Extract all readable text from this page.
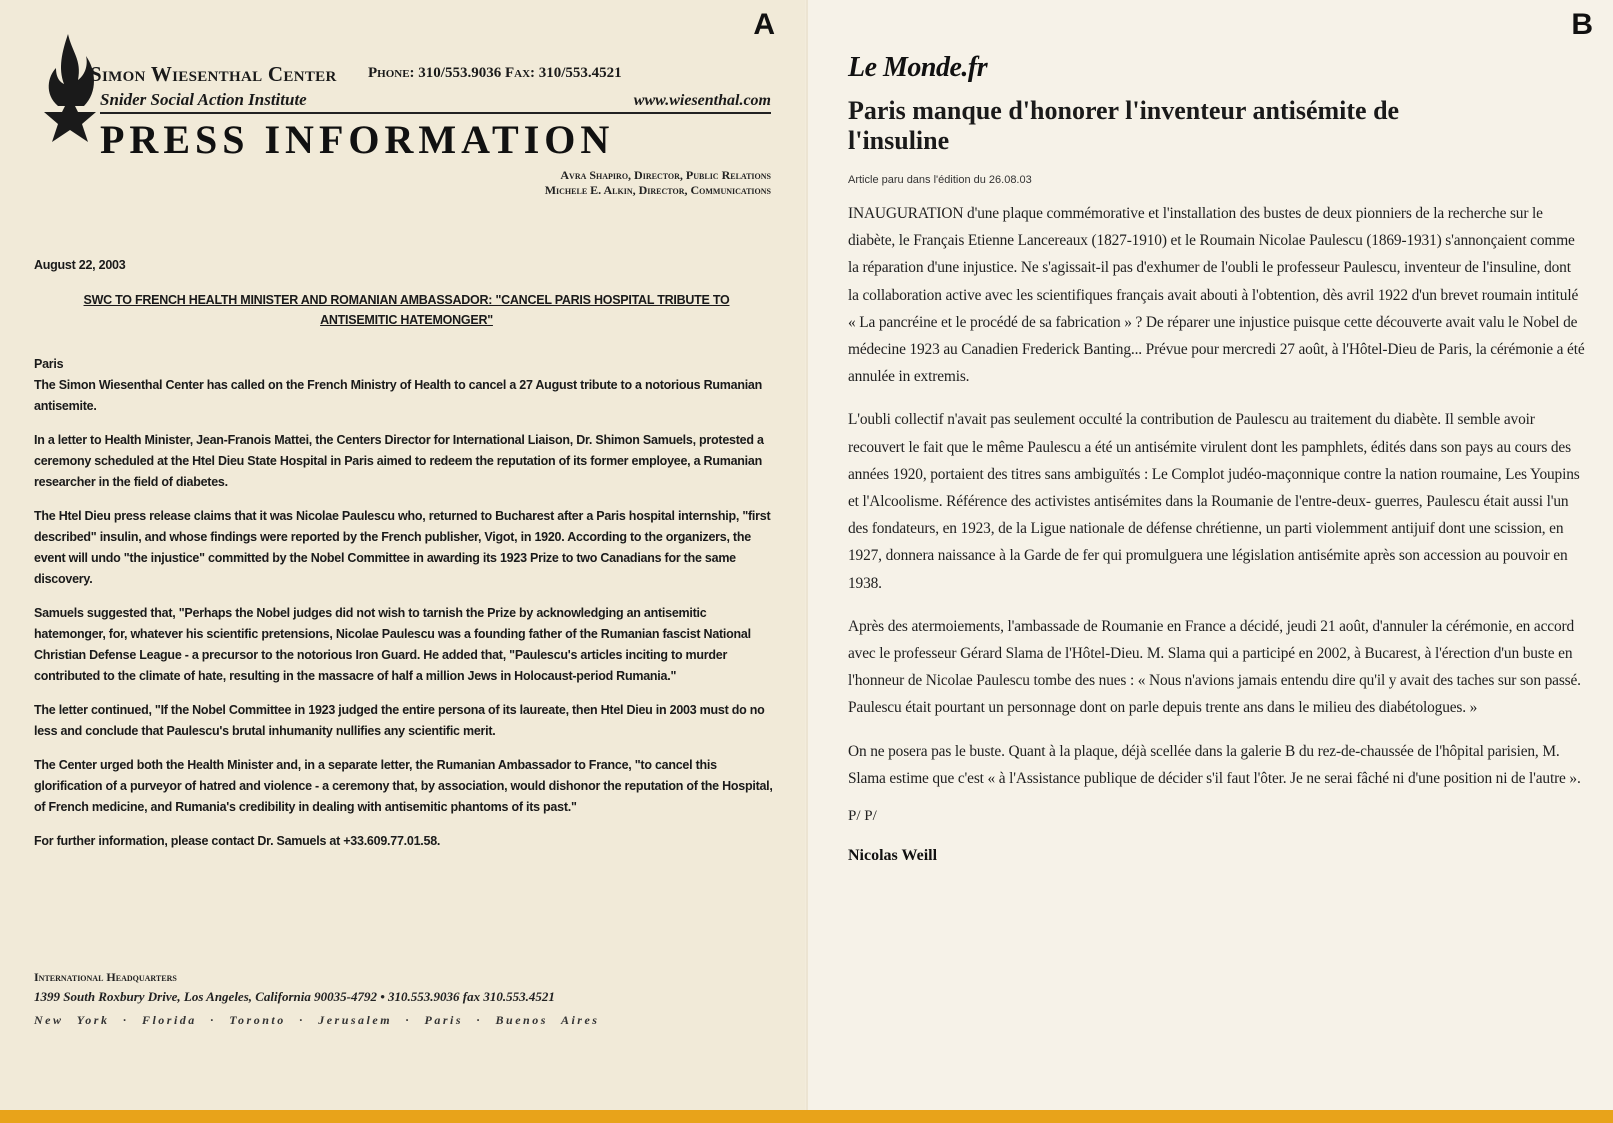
A
Simon Wiesenthal Center
Snider Social Action Institute
Phone: 310/553.9036 Fax: 310/553.4521
www.wiesenthal.com
PRESS INFORMATION
Avra Shapiro, Director, Public Relations
Michele E. Alkin, Director, Communications
August 22, 2003
SWC TO FRENCH HEALTH MINISTER AND ROMANIAN AMBASSADOR: "CANCEL PARIS HOSPITAL TRIBUTE TO ANTISEMITIC HATEMONGER"
Paris
The Simon Wiesenthal Center has called on the French Ministry of Health to cancel a 27 August tribute to a notorious Rumanian antisemite.
In a letter to Health Minister, Jean-Franois Mattei, the Centers Director for International Liaison, Dr. Shimon Samuels, protested a ceremony scheduled at the Htel Dieu State Hospital in Paris aimed to redeem the reputation of its former employee, a Rumanian researcher in the field of diabetes.
The Htel Dieu press release claims that it was Nicolae Paulescu who, returned to Bucharest after a Paris hospital internship, "first described" insulin, and whose findings were reported by the French publisher, Vigot, in 1920. According to the organizers, the event will undo "the injustice" committed by the Nobel Committee in awarding its 1923 Prize to two Canadians for the same discovery.
Samuels suggested that, "Perhaps the Nobel judges did not wish to tarnish the Prize by acknowledging an antisemitic hatemonger, for, whatever his scientific pretensions, Nicolae Paulescu was a founding father of the Rumanian fascist National Christian Defense League - a precursor to the notorious Iron Guard. He added that, "Paulescu's articles inciting to murder contributed to the climate of hate, resulting in the massacre of half a million Jews in Holocaust-period Rumania."
The letter continued, "If the Nobel Committee in 1923 judged the entire persona of its laureate, then Htel Dieu in 2003 must do no less and conclude that Paulescu's brutal inhumanity nullifies any scientific merit.
The Center urged both the Health Minister and, in a separate letter, the Rumanian Ambassador to France, "to cancel this glorification of a purveyor of hatred and violence - a ceremony that, by association, would dishonor the reputation of the Hospital, of French medicine, and Rumania's credibility in dealing with antisemitic phantoms of its past."
For further information, please contact Dr. Samuels at +33.609.77.01.58.
International Headquarters
1399 South Roxbury Drive, Los Angeles, California 90035-4792 • 310.553.9036 fax 310.553.4521
New York · Florida · Toronto · Jerusalem · Paris · Buenos Aires
B
Le Monde.fr
Paris manque d'honorer l'inventeur antisémite de l'insuline
Article paru dans l'édition du 26.08.03

INAUGURATION d'une plaque commémorative et l'installation des bustes de deux pionniers de la recherche sur le diabète, le Français Etienne Lancereaux (1827-1910) et le Roumain Nicolae Paulescu (1869-1931) s'annonçaient comme la réparation d'une injustice. Ne s'agissait-il pas d'exhumer de l'oubli le professeur Paulescu, inventeur de l'insuline, dont la collaboration active avec les scientifiques français avait abouti à l'obtention, dès avril 1922 d'un brevet roumain intitulé « La pancréine et le procédé de sa fabrication » ? De réparer une injustice puisque cette découverte avait valu le Nobel de médecine 1923 au Canadien Frederick Banting... Prévue pour mercredi 27 août, à l'Hôtel-Dieu de Paris, la cérémonie a été annulée in extremis.

L'oubli collectif n'avait pas seulement occulté la contribution de Paulescu au traitement du diabète. Il semble avoir recouvert le fait que le même Paulescu a été un antisémite virulent dont les pamphlets, édités dans son pays au cours des années 1920, portaient des titres sans ambiguïtés : Le Complot judéo-maçonnique contre la nation roumaine, Les Youpins et l'Alcoolisme. Référence des activistes antisémites dans la Roumanie de l'entre-deux- guerres, Paulescu était aussi l'un des fondateurs, en 1923, de la Ligue nationale de défense chrétienne, un parti violemment antijuif dont une scission, en 1927, donnera naissance à la Garde de fer qui promulguera une législation antisémite après son accession au pouvoir en 1938.

Après des atermoiements, l'ambassade de Roumanie en France a décidé, jeudi 21 août, d'annuler la cérémonie, en accord avec le professeur Gérard Slama de l'Hôtel-Dieu. M. Slama qui a participé en 2002, à Bucarest, à l'érection d'un buste en l'honneur de Nicolae Paulescu tombe des nues : « Nous n'avions jamais entendu dire qu'il y avait des taches sur son passé. Paulescu était pourtant un personnage dont on parle depuis trente ans dans le milieu des diabétologues. »

On ne posera pas le buste. Quant à la plaque, déjà scellée dans la galerie B du rez-de-chaussée de l'hôpital parisien, M. Slama estime que c'est « à l'Assistance publique de décider s'il faut l'ôter. Je ne serai fâché ni d'une position ni de l'autre ».

P/ P/
Nicolas Weill
